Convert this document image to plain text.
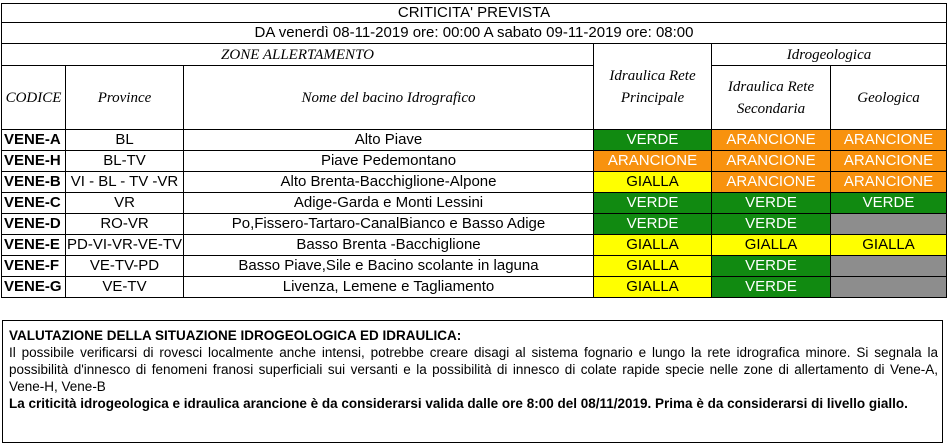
CRITICITA' PREVISTA					
DA venerdì 08-11-2019 ore: 00:00 A sabato 09-11-2019 ore: 08:00					
ZONE ALLERTAMENTO			Idraulica Rete Principale	Idrogeologica	
CODICE	Province	Nome del bacino Idrografico		Idraulica Rete Secondaria	Geologica
VENE-A	BL	Alto Piave	VERDE	ARANCIONE	ARANCIONE
VENE-H	BL-TV	Piave Pedemontano	ARANCIONE	ARANCIONE	ARANCIONE
VENE-B	VI - BL - TV -VR	Alto Brenta-Bacchiglione-Alpone	GIALLA	ARANCIONE	ARANCIONE
VENE-C	VR	Adige-Garda e Monti Lessini	VERDE	VERDE	VERDE
VENE-D	RO-VR	Po,Fissero-Tartaro-CanalBianco e Basso Adige	VERDE	VERDE	
VENE-E	PD-VI-VR-VE-TV	Basso Brenta -Bacchiglione	GIALLA	GIALLA	GIALLA
VENE-F	VE-TV-PD	Basso Piave,Sile e Bacino scolante in laguna	GIALLA	VERDE	
VENE-G	VE-TV	Livenza, Lemene e Tagliamento	GIALLA	VERDE	
VALUTAZIONE DELLA SITUAZIONE IDROGEOLOGICA ED IDRAULICA:
Il possibile verificarsi di rovesci localmente anche intensi, potrebbe creare disagi al sistema fognario e lungo la rete idrografica minore. Si segnala la possibilità d'innesco di fenomeni franosi superficiali sui versanti e la possibilità di innesco di colate rapide specie nelle zone di allertamento di Vene-A, Vene-H, Vene-B
La criticità idrogeologica e idraulica arancione è da considerarsi valida dalle ore 8:00 del 08/11/2019. Prima è da considerarsi di livello giallo.
